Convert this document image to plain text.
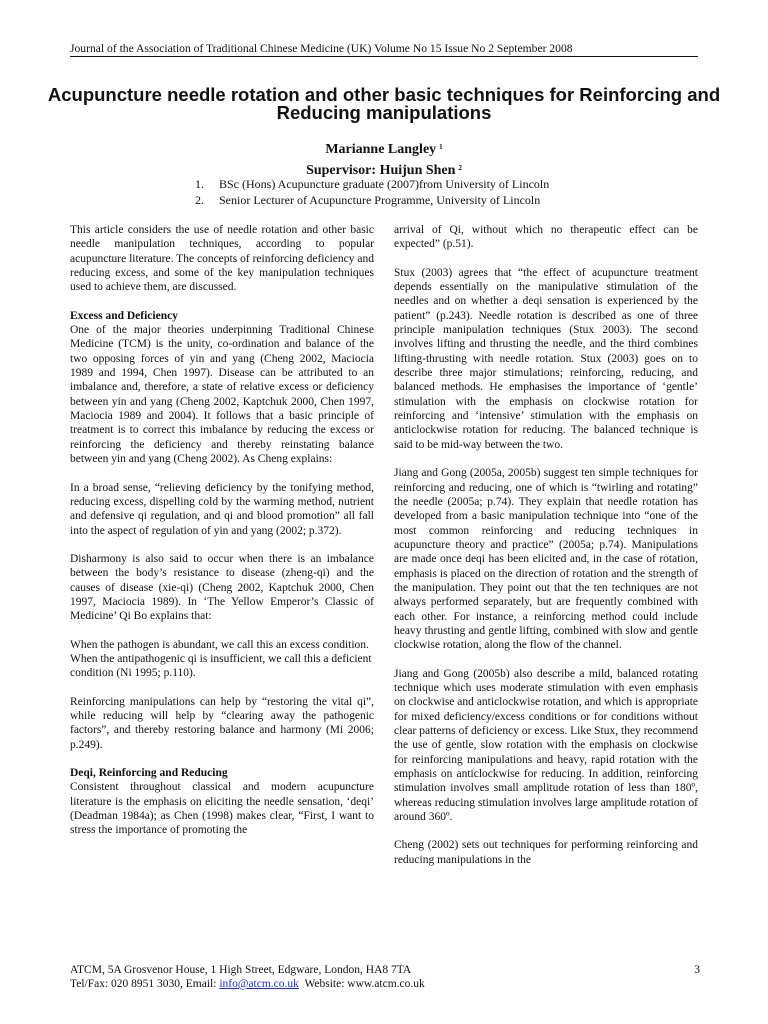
Journal of the Association of Traditional Chinese Medicine (UK) Volume No 15 Issue No 2 September 2008
Acupuncture needle rotation and other basic techniques for Reinforcing and Reducing manipulations
Marianne Langley $^1$
Supervisor: Huijun Shen $^2$
1.	BSc (Hons) Acupuncture graduate (2007)from University of Lincoln
2.	Senior Lecturer of Acupuncture Programme, University of Lincoln

This article considers the use of needle rotation and other basic needle manipulation techniques, according to popular acupuncture literature. The concepts of reinforcing deficiency and reducing excess, and some of the key manipulation techniques used to achieve them, are discussed.

Excess and Deficiency

One of the major theories underpinning Traditional Chinese Medicine (TCM) is the unity, co-ordination and balance of the two opposing forces of yin and yang (Cheng 2002, Maciocia 1989 and 1994, Chen 1997). Disease can be attributed to an imbalance and, therefore, a state of relative excess or deficiency between yin and yang (Cheng 2002, Kaptchuk 2000, Chen 1997, Maciocia 1989 and 2004). It follows that a basic principle of treatment is to correct this imbalance by reducing the excess or reinforcing the deficiency and thereby reinstating balance between yin and yang (Cheng 2002). As Cheng explains:

In a broad sense, “relieving deficiency by the tonifying method, reducing excess, dispelling cold by the warming method, nutrient and defensive qi regulation, and qi and blood promotion” all fall into the aspect of regulation of yin and yang (2002; p.372).

Disharmony is also said to occur when there is an imbalance between the body’s resistance to disease (zheng-qi) and the causes of disease (xie-qi) (Cheng 2002, Kaptchuk 2000, Chen 1997, Maciocia 1989). In ‘The Yellow Emperor’s Classic of Medicine’ Qi Bo explains that:

When the pathogen is abundant, we call this an excess condition. When the antipathogenic qi is insufficient, we call this a deficient condition (Ni 1995; p.110).

Reinforcing manipulations can help by “restoring the vital qi”, while reducing will help by “clearing away the pathogenic factors”, and thereby restoring balance and harmony (Mi 2006; p.249).

Deqi, Reinforcing and Reducing

Consistent throughout classical and modern acupuncture literature is the emphasis on eliciting the needle sensation, ‘deqi’ (Deadman 1984a); as Chen (1998) makes clear, “First, I want to stress the importance of promoting the

arrival of Qi, without which no therapeutic effect can be expected” (p.51).

Stux (2003) agrees that “the effect of acupuncture treatment depends essentially on the manipulative stimulation of the needles and on whether a deqi sensation is experienced by the patient” (p.243). Needle rotation is described as one of three principle manipulation techniques (Stux 2003). The second involves lifting and thrusting the needle, and the third combines lifting-thrusting with needle rotation. Stux (2003) goes on to describe three major stimulations; reinforcing, reducing, and balanced methods. He emphasises the importance of ‘gentle’ stimulation with the emphasis on clockwise rotation for reinforcing and ‘intensive’ stimulation with the emphasis on anticlockwise rotation for reducing. The balanced technique is said to be mid-way between the two.

Jiang and Gong (2005a, 2005b) suggest ten simple techniques for reinforcing and reducing, one of which is “twirling and rotating” the needle (2005a; p.74). They explain that needle rotation has developed from a basic manipulation technique into “one of the most common reinforcing and reducing techniques in acupuncture theory and practice” (2005a; p.74). Manipulations are made once deqi has been elicited and, in the case of rotation, emphasis is placed on the direction of rotation and the strength of the manipulation. They point out that the ten techniques are not always performed separately, but are frequently combined with each other. For instance, a reinforcing method could include heavy thrusting and gentle lifting, combined with slow and gentle clockwise rotation, along the flow of the channel.

Jiang and Gong (2005b) also describe a mild, balanced rotating technique which uses moderate stimulation with even emphasis on clockwise and anticlockwise rotation, and which is appropriate for mixed deficiency/excess conditions or for conditions without clear patterns of deficiency or excess. Like Stux, they recommend the use of gentle, slow rotation with the emphasis on clockwise for reinforcing manipulations and heavy, rapid rotation with the emphasis on anticlockwise for reducing. In addition, reinforcing stimulation involves small amplitude rotation of less than 180º, whereas reducing stimulation involves large amplitude rotation of around 360º.

Cheng (2002) sets out techniques for performing reinforcing and reducing manipulations in the

ATCM, 5A Grosvenor House, 1 High Street, Edgware, London, HA8 7TA	3
Tel/Fax: 020 8951 3030, Email: info@atcm.co.uk  Website: www.atcm.co.uk
